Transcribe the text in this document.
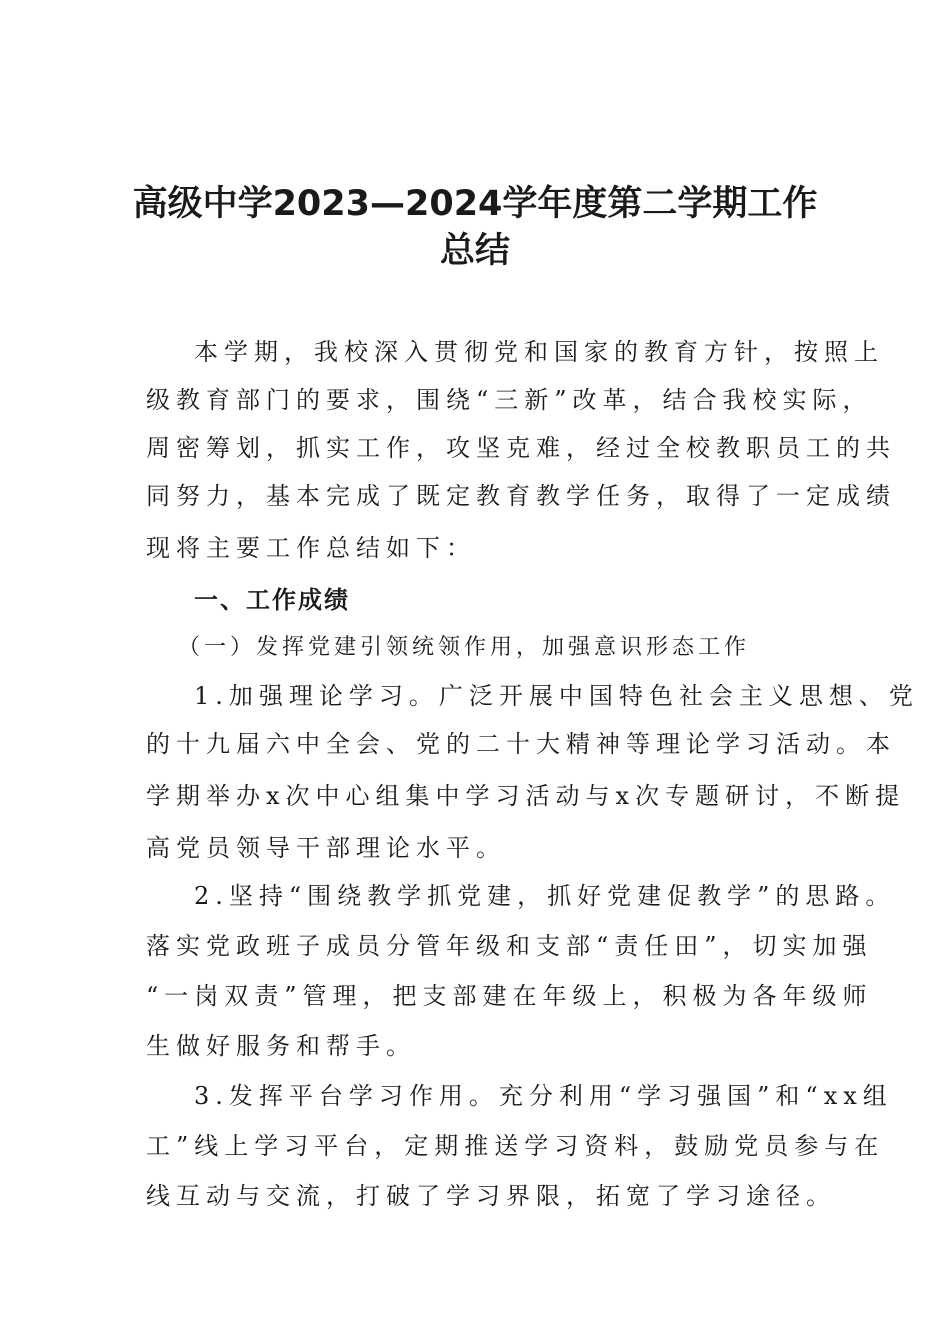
高级中学2023—2024学年度第二学期工作
总结
本学期，我校深入贯彻党和国家的教育方针，按照上
级教育部门的要求，围绕“三新”改革，结合我校实际，
周密筹划，抓实工作，攻坚克难，经过全校教职员工的共
同努力，基本完成了既定教育教学任务，取得了一定成绩
现将主要工作总结如下：
一、工作成绩
（一）发挥党建引领统领作用，加强意识形态工作
1.加强理论学习。广泛开展中国特色社会主义思想、党
的十九届六中全会、党的二十大精神等理论学习活动。本
学期举办x次中心组集中学习活动与x次专题研讨，不断提
高党员领导干部理论水平。
2.坚持“围绕教学抓党建，抓好党建促教学”的思路。
落实党政班子成员分管年级和支部“责任田”，切实加强
“一岗双责”管理，把支部建在年级上，积极为各年级师
生做好服务和帮手。
3.发挥平台学习作用。充分利用“学习强国”和“xx组
工”线上学习平台，定期推送学习资料，鼓励党员参与在
线互动与交流，打破了学习界限，拓宽了学习途径。
